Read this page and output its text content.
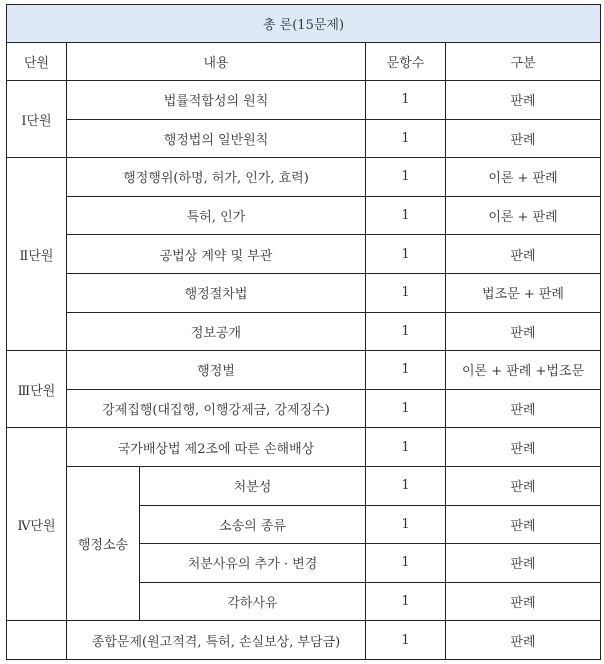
총 론(15문제)				
단원	내용		문항수	구분
Ⅰ단원	법률적합성의 원칙		1	판례
	행정법의 일반원칙		1	판례
Ⅱ단원	행정행위(하명, 허가, 인가, 효력)		1	이론 + 판례
	특허, 인가		1	이론 + 판례
	공법상 계약 및 부관		1	판례
	행정절차법		1	법조문 + 판례
	정보공개		1	판례
Ⅲ단원	행정벌		1	이론 + 판례 +법조문
	강제집행(대집행, 이행강제금, 강제징수)		1	판례
Ⅳ단원	국가배상법 제2조에 따른 손해배상		1	판례
	행정소송	처분성	1	판례
		소송의 종류	1	판례
		처분사유의 추가 · 변경	1	판례
		각하사유	1	판례
	종합문제(원고적격, 특허, 손실보상, 부담금)		1	판례
